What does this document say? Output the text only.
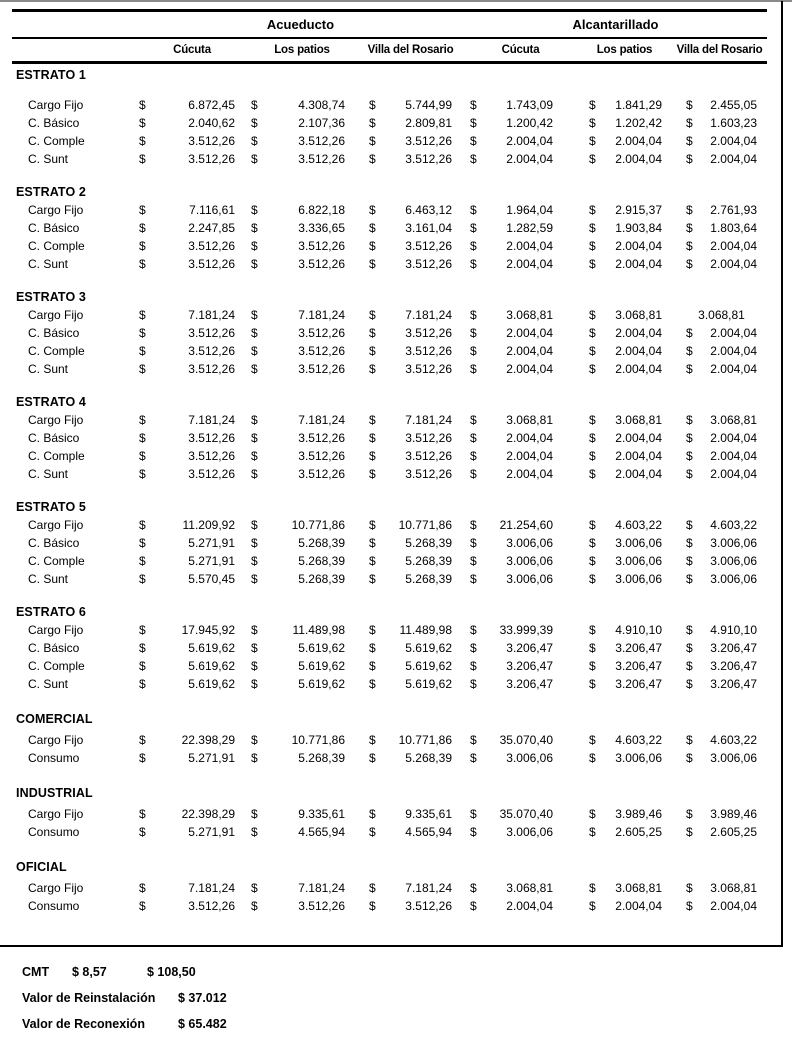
Acueducto	Alcantarillado
Cúcuta	Los patios	Villa del Rosario	Cúcuta	Los patios	Villa del Rosario
ESTRATO 1
Cargo Fijo	$	6.872,45 $	4.308,74 $ 5.744,99 $ 1.743,09	$ 1.841,29 $ 2.455,05
C. Básico	$	2.040,62 $	2.107,36 $ 2.809,81 $ 1.200,42	$ 1.202,42 $ 1.603,23
C. Comple	$	3.512,26 $	3.512,26 $ 3.512,26 $ 2.004,04	$ 2.004,04 $ 2.004,04
C. Sunt	$	3.512,26 $	3.512,26 $ 3.512,26 $ 2.004,04	$ 2.004,04 $ 2.004,04
ESTRATO 2
Cargo Fijo	$	7.116,61 $	6.822,18 $ 6.463,12 $ 1.964,04	$ 2.915,37 $ 2.761,93
C. Básico	$	2.247,85 $	3.336,65 $ 3.161,04 $ 1.282,59	$ 1.903,84 $ 1.803,64
C. Comple	$	3.512,26 $	3.512,26 $ 3.512,26 $ 2.004,04	$ 2.004,04 $ 2.004,04
C. Sunt	$	3.512,26 $	3.512,26 $ 3.512,26 $ 2.004,04	$ 2.004,04 $ 2.004,04
ESTRATO 3
Cargo Fijo	$	7.181,24 $	7.181,24 $ 7.181,24 $ 3.068,81	$ 3.068,81	3.068,81
C. Básico	$	3.512,26 $	3.512,26 $ 3.512,26 $ 2.004,04	$ 2.004,04 $ 2.004,04
C. Comple	$	3.512,26 $	3.512,26 $ 3.512,26 $ 2.004,04	$ 2.004,04 $ 2.004,04
C. Sunt	$	3.512,26 $	3.512,26 $ 3.512,26 $ 2.004,04	$ 2.004,04 $ 2.004,04
ESTRATO 4
Cargo Fijo	$	7.181,24 $	7.181,24 $ 7.181,24 $ 3.068,81	$ 3.068,81 $ 3.068,81
C. Básico	$	3.512,26 $	3.512,26 $ 3.512,26 $ 2.004,04	$ 2.004,04 $ 2.004,04
C. Comple	$	3.512,26 $	3.512,26 $ 3.512,26 $ 2.004,04	$ 2.004,04 $ 2.004,04
C. Sunt	$	3.512,26 $	3.512,26 $ 3.512,26 $ 2.004,04	$ 2.004,04 $ 2.004,04
ESTRATO 5
Cargo Fijo	$	11.209,92 $	10.771,86 $ 10.771,86 $ 21.254,60	$ 4.603,22 $ 4.603,22
C. Básico	$	5.271,91 $	5.268,39 $ 5.268,39 $ 3.006,06	$ 3.006,06 $ 3.006,06
C. Comple	$	5.271,91 $	5.268,39 $ 5.268,39 $ 3.006,06	$ 3.006,06 $ 3.006,06
C. Sunt	$	5.570,45 $	5.268,39 $ 5.268,39 $ 3.006,06	$ 3.006,06 $ 3.006,06
ESTRATO 6
Cargo Fijo	$	17.945,92 $	11.489,98 $ 11.489,98 $ 33.999,39	$ 4.910,10 $ 4.910,10
C. Básico	$	5.619,62 $	5.619,62 $ 5.619,62 $ 3.206,47	$ 3.206,47 $ 3.206,47
C. Comple	$	5.619,62 $	5.619,62 $ 5.619,62 $ 3.206,47	$ 3.206,47 $ 3.206,47
C. Sunt	$	5.619,62 $	5.619,62 $ 5.619,62 $ 3.206,47	$ 3.206,47 $ 3.206,47
COMERCIAL
Cargo Fijo	$	22.398,29 $	10.771,86 $ 10.771,86 $ 35.070,40	$ 4.603,22 $ 4.603,22
Consumo	$	5.271,91 $	5.268,39 $ 5.268,39 $ 3.006,06	$ 3.006,06 $ 3.006,06
INDUSTRIAL
Cargo Fijo	$	22.398,29 $	9.335,61 $ 9.335,61 $ 35.070,40	$ 3.989,46 $ 3.989,46
Consumo	$	5.271,91 $	4.565,94 $ 4.565,94 $ 3.006,06	$ 2.605,25 $ 2.605,25
OFICIAL
Cargo Fijo	$	7.181,24 $	7.181,24 $ 7.181,24 $ 3.068,81	$ 3.068,81 $ 3.068,81
Consumo	$	3.512,26 $	3.512,26 $ 3.512,26 $ 2.004,04	$ 2.004,04 $ 2.004,04
CMT	$ 8,57	$ 108,50
Valor de Reinstalación	$ 37.012
Valor de Reconexión	$ 65.482
